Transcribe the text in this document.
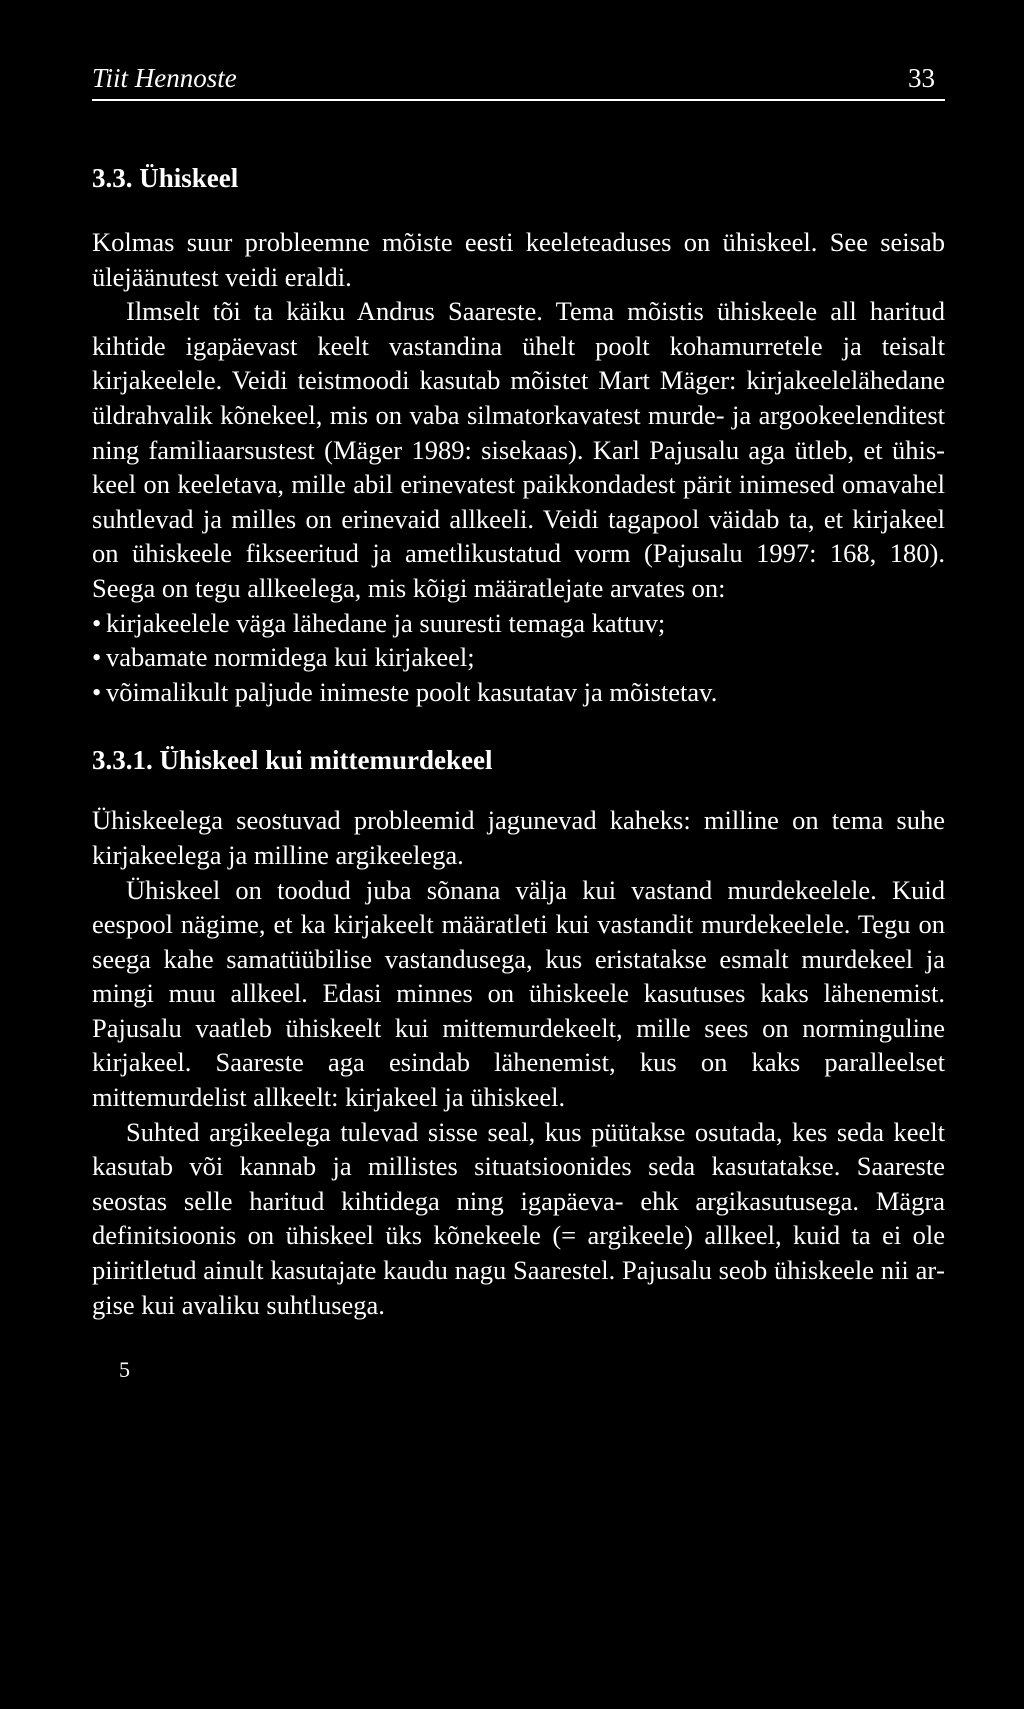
Tiit Hennoste	33
3.3. Ühiskeel

Kolmas suur probleemne mõiste eesti keeleteaduses on ühiskeel. See seisab ülejäänutest veidi eraldi.

Ilmselt tõi ta käiku Andrus Saareste. Tema mõistis ühiskeele all haritud kihtide igapäevast keelt vastandina ühelt poolt kohamurretele ja teisalt kirjakeelele. Veidi teistmoodi kasutab mõistet Mart Mäger: kirjakeelelähedane üldrahvalik kõnekeel, mis on vaba silmatorkavatest murde- ja argookeelenditest ning familiaarsustest (Mäger 1989: sisekaas). Karl Pajusalu aga ütleb, et ühiskeel on keeletava, mille abil erinevatest paikkondadest pärit inimesed omavahel suhtlevad ja milles on erinevaid allkeeli. Veidi tagapool väidab ta, et kirjakeel on ühiskeele fikseeritud ja ametlikustatud vorm (Pajusalu 1997: 168, 180). Seega on tegu allkeelega, mis kõigi määratlejate arvates on:

• kirjakeelele väga lähedane ja suuresti temaga kattuv;
• vabamate normidega kui kirjakeel;
• võimalikult paljude inimeste poolt kasutatav ja mõistetav.
3.3.1. Ühiskeel kui mittemurdekeel

Ühiskeelega seostuvad probleemid jagunevad kaheks: milline on tema suhe kirjakeelega ja milline argikeelega.

Ühiskeel on toodud juba sõnana välja kui vastand murdekeelele. Kuid eespool nägime, et ka kirjakeelt määratleti kui vastandit murdekeelele. Tegu on seega kahe samatüübilise vastandusega, kus eristatakse esmalt murdekeel ja mingi muu allkeel. Edasi minnes on ühiskeele kasutuses kaks lähenemist. Pajusalu vaatleb ühiskeelt kui mittemurdekeelt, mille sees on norminguline kirjakeel. Saareste aga esindab lähenemist, kus on kaks paralleelset mittemurdelist allkeelt: kirjakeel ja ühiskeel.

Suhted argikeelega tulevad sisse seal, kus püütakse osutada, kes seda keelt kasutab või kannab ja millistes situatsioonides seda kasutatakse. Saareste seostas selle haritud kihtidega ning igapäeva- ehk argikasutusega. Mägra definitsioonis on ühiskeel üks kõnekeele (= argikeele) allkeel, kuid ta ei ole piiritletud ainult kasutajate kaudu nagu Saarestel. Pajusalu seob ühiskeele nii argise kui avaliku suhtlusega.

5
